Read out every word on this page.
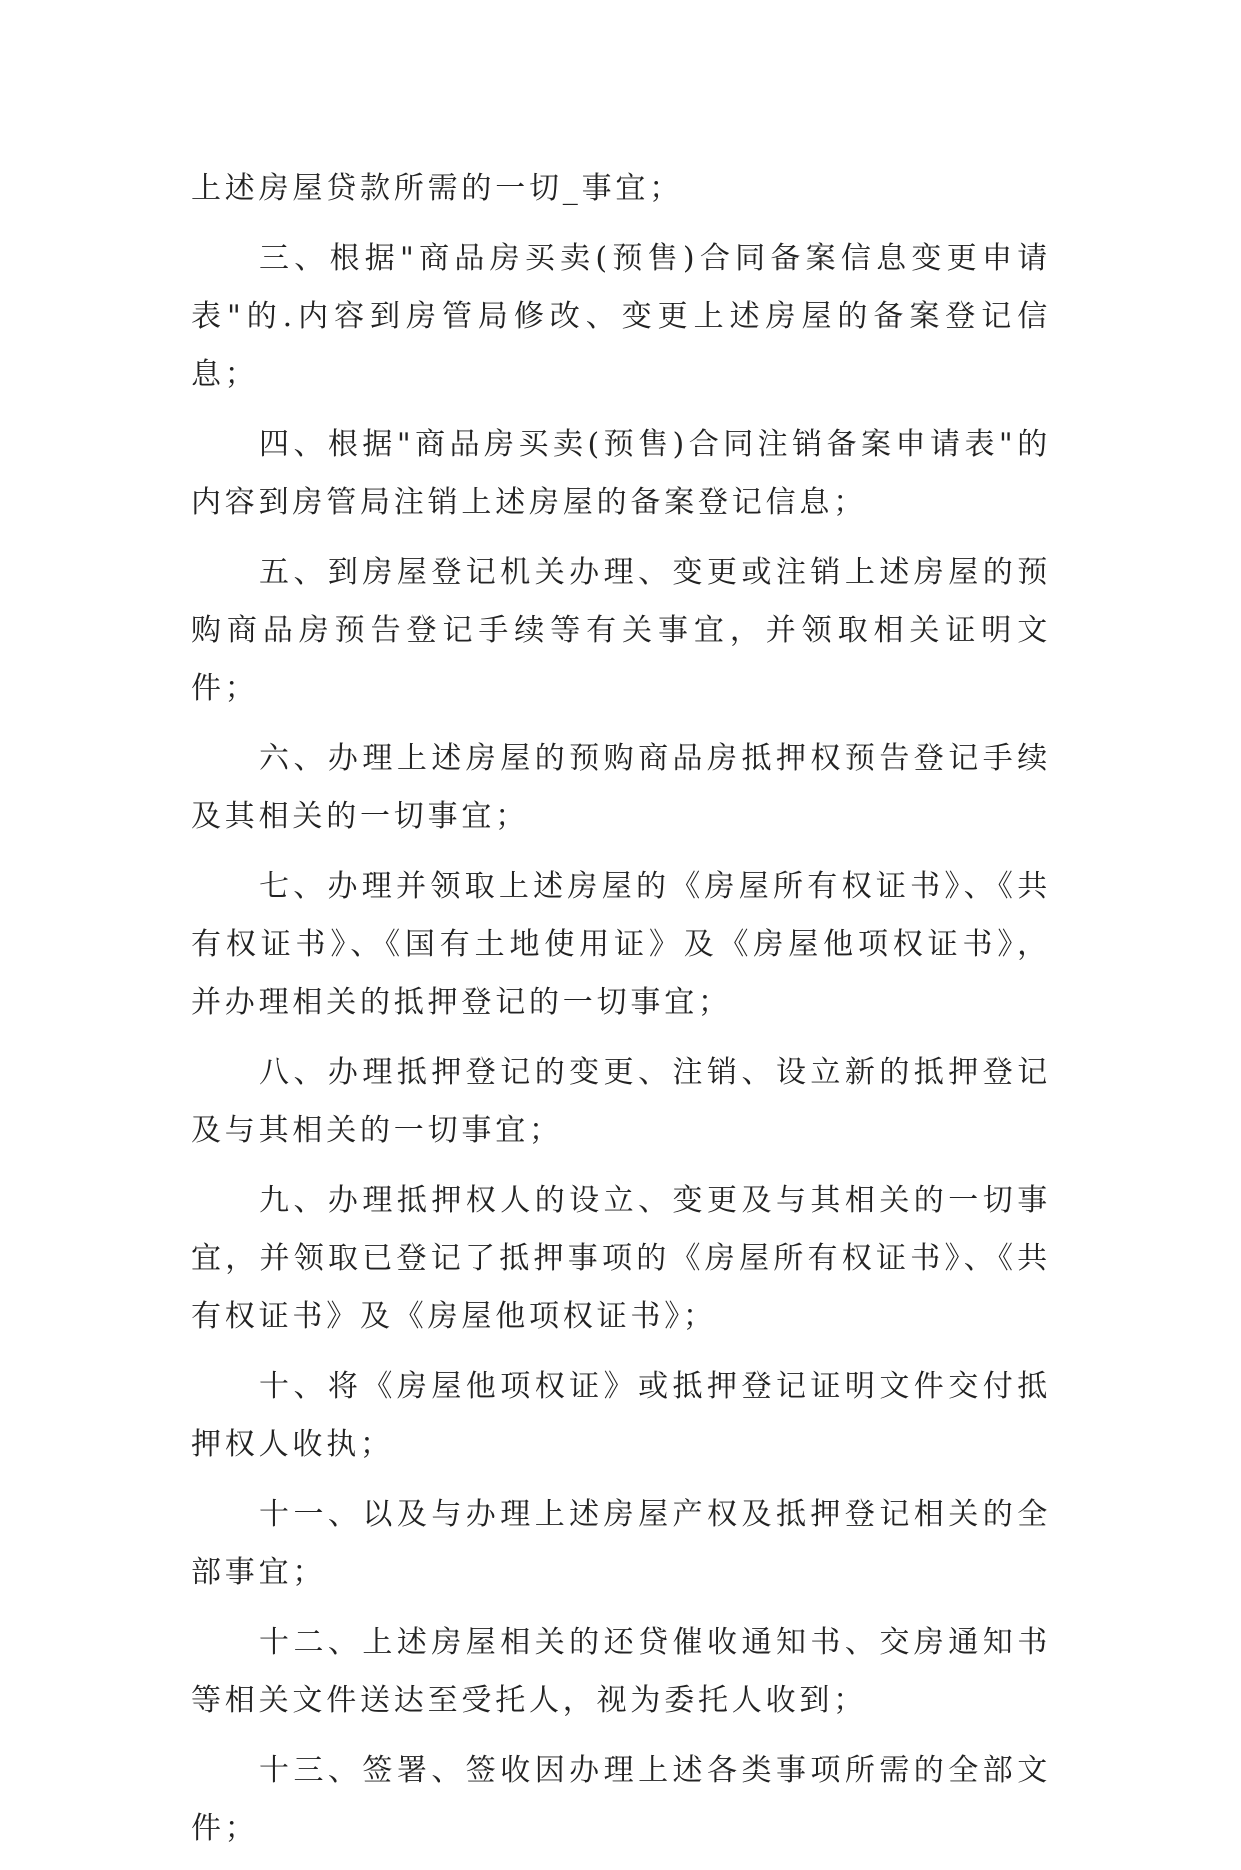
上述房屋贷款所需的一切_事宜；

三、根据"商品房买卖(预售)合同备案信息变更申请表"的.内容到房管局修改、变更上述房屋的备案登记信息；

四、根据"商品房买卖(预售)合同注销备案申请表"的内容到房管局注销上述房屋的备案登记信息；

五、到房屋登记机关办理、变更或注销上述房屋的预购商品房预告登记手续等有关事宜，并领取相关证明文件；

六、办理上述房屋的预购商品房抵押权预告登记手续及其相关的一切事宜；

七、办理并领取上述房屋的《房屋所有权证书》、《共有权证书》、《国有土地使用证》及《房屋他项权证书》，并办理相关的抵押登记的一切事宜；

八、办理抵押登记的变更、注销、设立新的抵押登记及与其相关的一切事宜；

九、办理抵押权人的设立、变更及与其相关的一切事宜，并领取已登记了抵押事项的《房屋所有权证书》、《共有权证书》及《房屋他项权证书》；

十、将《房屋他项权证》或抵押登记证明文件交付抵押权人收执；

十一、以及与办理上述房屋产权及抵押登记相关的全部事宜；

十二、上述房屋相关的还贷催收通知书、交房通知书等相关文件送达至受托人，视为委托人收到；

十三、签署、签收因办理上述各类事项所需的全部文件；
